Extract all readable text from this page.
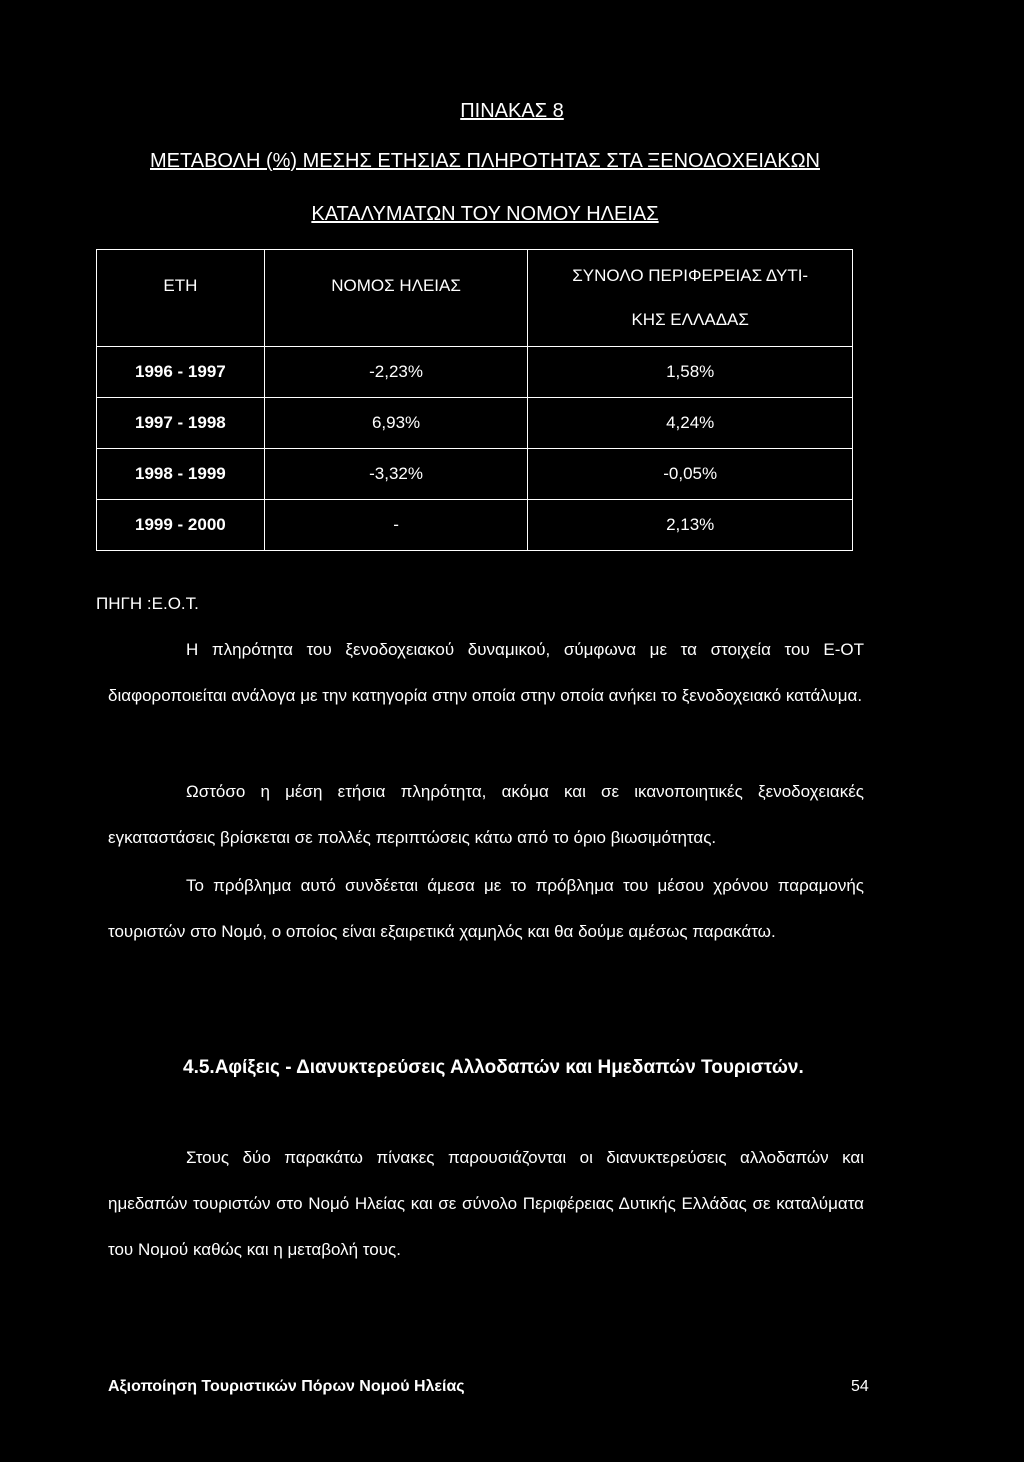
ΠΙΝΑΚΑΣ 8
ΜΕΤΑΒΟΛΗ (%) ΜΕΣΗΣ ΕΤΗΣΙΑΣ ΠΛΗΡΟΤΗΤΑΣ ΣΤΑ ΞΕΝΟΔΟΧΕΙΑΚΩΝ
ΚΑΤΑΛΥΜΑΤΩΝ ΤΟΥ ΝΟΜΟΥ ΗΛΕΙΑΣ
ΕΤΗ	ΝΟΜΟΣ ΗΛΕΙΑΣ	ΣΥΝΟΛΟ ΠΕΡΙΦΕΡΕΙΑΣ ΔΥΤΙ-
ΚΗΣ ΕΛΛΑΔΑΣ

1996 - 1997	-2,23%	1,58%
1997 - 1998	6,93%	4,24%
1998 - 1999	-3,32%	-0,05%
1999 - 2000	-	2,13%
ΠΗΓΗ :Ε.Ο.Τ.

Η πληρότητα του ξενοδοχειακού δυναμικού, σύμφωνα με τα στοιχεία του Ε-ΟΤ διαφοροποιείται ανάλογα με την κατηγορία στην οποία στην οποία ανήκει το ξενοδοχειακό κατάλυμα.

Ωστόσο η μέση ετήσια πληρότητα, ακόμα και σε ικανοποιητικές ξενοδοχειακές εγκαταστάσεις βρίσκεται σε πολλές περιπτώσεις κάτω από το όριο βιωσιμότητας.

Το πρόβλημα αυτό συνδέεται άμεσα με το πρόβλημα του μέσου χρόνου παραμονής τουριστών στο Νομό, ο οποίος είναι εξαιρετικά χαμηλός και θα δούμε αμέσως παρακάτω.

4.5.Αφίξεις - Διανυκτερεύσεις Αλλοδαπών και Ημεδαπών Τουριστών.

Στους δύο παρακάτω πίνακες παρουσιάζονται οι διανυκτερεύσεις αλλοδαπών και ημεδαπών τουριστών στο Νομό Ηλείας και σε σύνολο Περιφέρειας Δυτικής Ελλάδας σε καταλύματα του Νομού καθώς και η μεταβολή τους.

Αξιοποίηση Τουριστικών Πόρων Νομού Ηλείας	54
